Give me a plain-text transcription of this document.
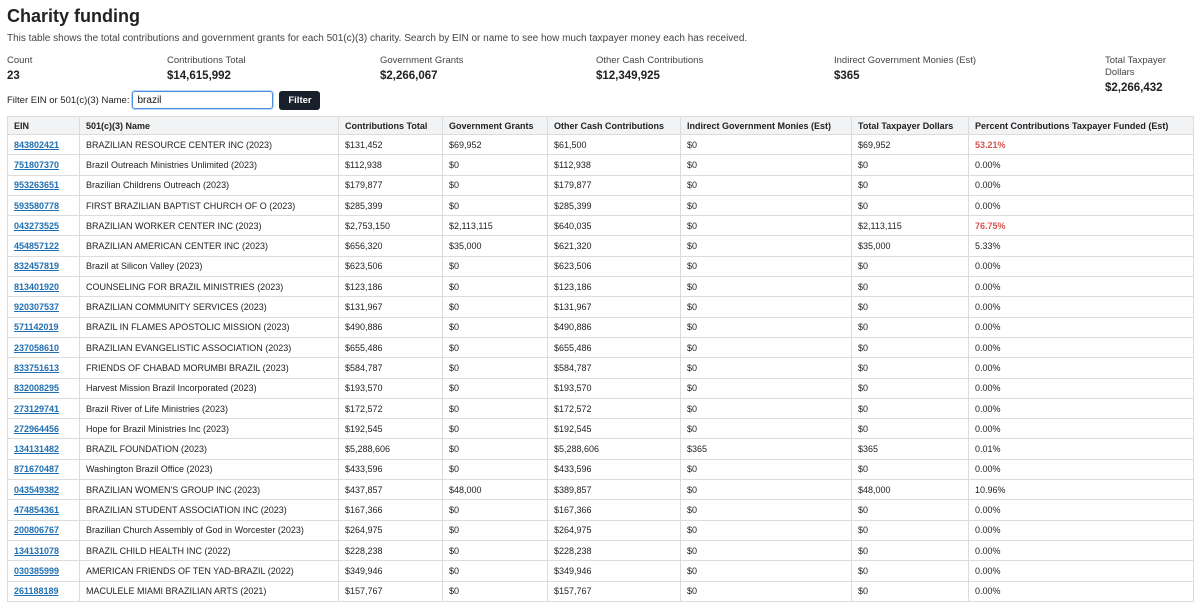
Charity funding
This table shows the total contributions and government grants for each 501(c)(3) charity. Search by EIN or name to see how much taxpayer money each has received.
Count
23
Contributions Total
$14,615,992
Government Grants
$2,266,067
Other Cash Contributions
$12,349,925
Indirect Government Monies (Est)
$365
Total Taxpayer Dollars
$2,266,432
Filter EIN or 501(c)(3) Name:
brazil	Filter
EIN	501(c)(3) Name	Contributions Total	Government Grants	Other Cash Contributions	Indirect Government Monies (Est)	Total Taxpayer Dollars	Percent Contributions Taxpayer Funded (Est)
843802421	BRAZILIAN RESOURCE CENTER INC (2023)	$131,452	$69,952	$61,500	$0	$69,952	53.21%
751807370	Brazil Outreach Ministries Unlimited (2023)	$112,938	$0	$112,938	$0	$0	0.00%
953263651	Brazilian Childrens Outreach (2023)	$179,877	$0	$179,877	$0	$0	0.00%
593580778	FIRST BRAZILIAN BAPTIST CHURCH OF O (2023)	$285,399	$0	$285,399	$0	$0	0.00%
043273525	BRAZILIAN WORKER CENTER INC (2023)	$2,753,150	$2,113,115	$640,035	$0	$2,113,115	76.75%
454857122	BRAZILIAN AMERICAN CENTER INC (2023)	$656,320	$35,000	$621,320	$0	$35,000	5.33%
832457819	Brazil at Silicon Valley (2023)	$623,506	$0	$623,506	$0	$0	0.00%
813401920	COUNSELING FOR BRAZIL MINISTRIES (2023)	$123,186	$0	$123,186	$0	$0	0.00%
920307537	BRAZILIAN COMMUNITY SERVICES (2023)	$131,967	$0	$131,967	$0	$0	0.00%
571142019	BRAZIL IN FLAMES APOSTOLIC MISSION (2023)	$490,886	$0	$490,886	$0	$0	0.00%
237058610	BRAZILIAN EVANGELISTIC ASSOCIATION (2023)	$655,486	$0	$655,486	$0	$0	0.00%
833751613	FRIENDS OF CHABAD MORUMBI BRAZIL (2023)	$584,787	$0	$584,787	$0	$0	0.00%
832008295	Harvest Mission Brazil Incorporated (2023)	$193,570	$0	$193,570	$0	$0	0.00%
273129741	Brazil River of Life Ministries (2023)	$172,572	$0	$172,572	$0	$0	0.00%
272964456	Hope for Brazil Ministries Inc (2023)	$192,545	$0	$192,545	$0	$0	0.00%
134131482	BRAZIL FOUNDATION (2023)	$5,288,606	$0	$5,288,606	$365	$365	0.01%
871670487	Washington Brazil Office (2023)	$433,596	$0	$433,596	$0	$0	0.00%
043549382	BRAZILIAN WOMEN'S GROUP INC (2023)	$437,857	$48,000	$389,857	$0	$48,000	10.96%
474854361	BRAZILIAN STUDENT ASSOCIATION INC (2023)	$167,366	$0	$167,366	$0	$0	0.00%
200806767	Brazilian Church Assembly of God in Worcester (2023)	$264,975	$0	$264,975	$0	$0	0.00%
134131078	BRAZIL CHILD HEALTH INC (2022)	$228,238	$0	$228,238	$0	$0	0.00%
030385999	AMERICAN FRIENDS OF TEN YAD-BRAZIL (2022)	$349,946	$0	$349,946	$0	$0	0.00%
261188189	MACULELE MIAMI BRAZILIAN ARTS (2021)	$157,767	$0	$157,767	$0	$0	0.00%
